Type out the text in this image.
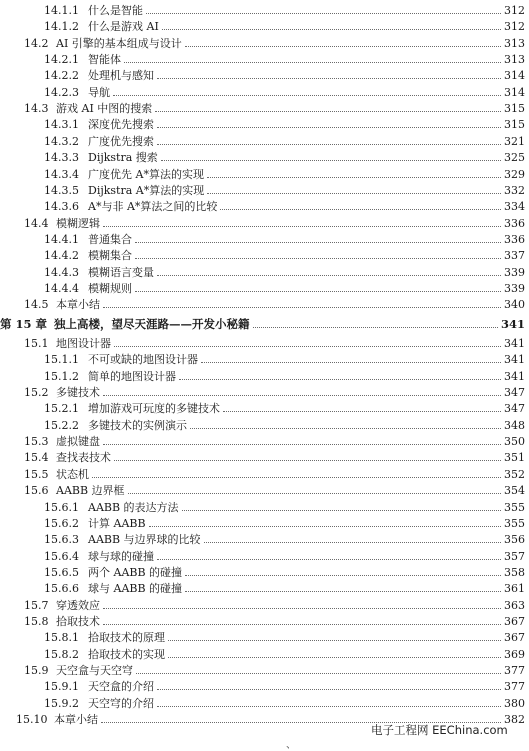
14.1.1 什么是智能	312
14.1.2 什么是游戏 AI	312
14.2 AI 引擎的基本组成与设计	313
14.2.1 智能体	313
14.2.2 处理机与感知	314
14.2.3 导航	314
14.3 游戏 AI 中图的搜索	315
14.3.1 深度优先搜索	315
14.3.2 广度优先搜索	321
14.3.3 Dijkstra 搜索	325
14.3.4 广度优先 A*算法的实现	329
14.3.5 Dijkstra A*算法的实现	332
14.3.6 A*与非 A*算法之间的比较	334
14.4 模糊逻辑	336
14.4.1 普通集合	336
14.4.2 模糊集合	337
14.4.3 模糊语言变量	339
14.4.4 模糊规则	339
14.5 本章小结	340
第 15 章 独上高楼，望尽天涯路——开发小秘籍	341
15.1 地图设计器	341
15.1.1 不可或缺的地图设计器	341
15.1.2 简单的地图设计器	341
15.2 多键技术	347
15.2.1 增加游戏可玩度的多键技术	347
15.2.2 多键技术的实例演示	348
15.3 虚拟键盘	350
15.4 查找表技术	351
15.5 状态机	352
15.6 AABB 边界框	354
15.6.1 AABB 的表达方法	355
15.6.2 计算 AABB	355
15.6.3 AABB 与边界球的比较	356
15.6.4 球与球的碰撞	357
15.6.5 两个 AABB 的碰撞	358
15.6.6 球与 AABB 的碰撞	361
15.7 穿透效应	363
15.8 拾取技术	367
15.8.1 拾取技术的原理	367
15.8.2 拾取技术的实现	369
15.9 天空盒与天空穹	377
15.9.1 天空盒的介绍	377
15.9.2 天空穹的介绍	380
15.10 本章小结	382
电子工程网 EEChina.com
、
